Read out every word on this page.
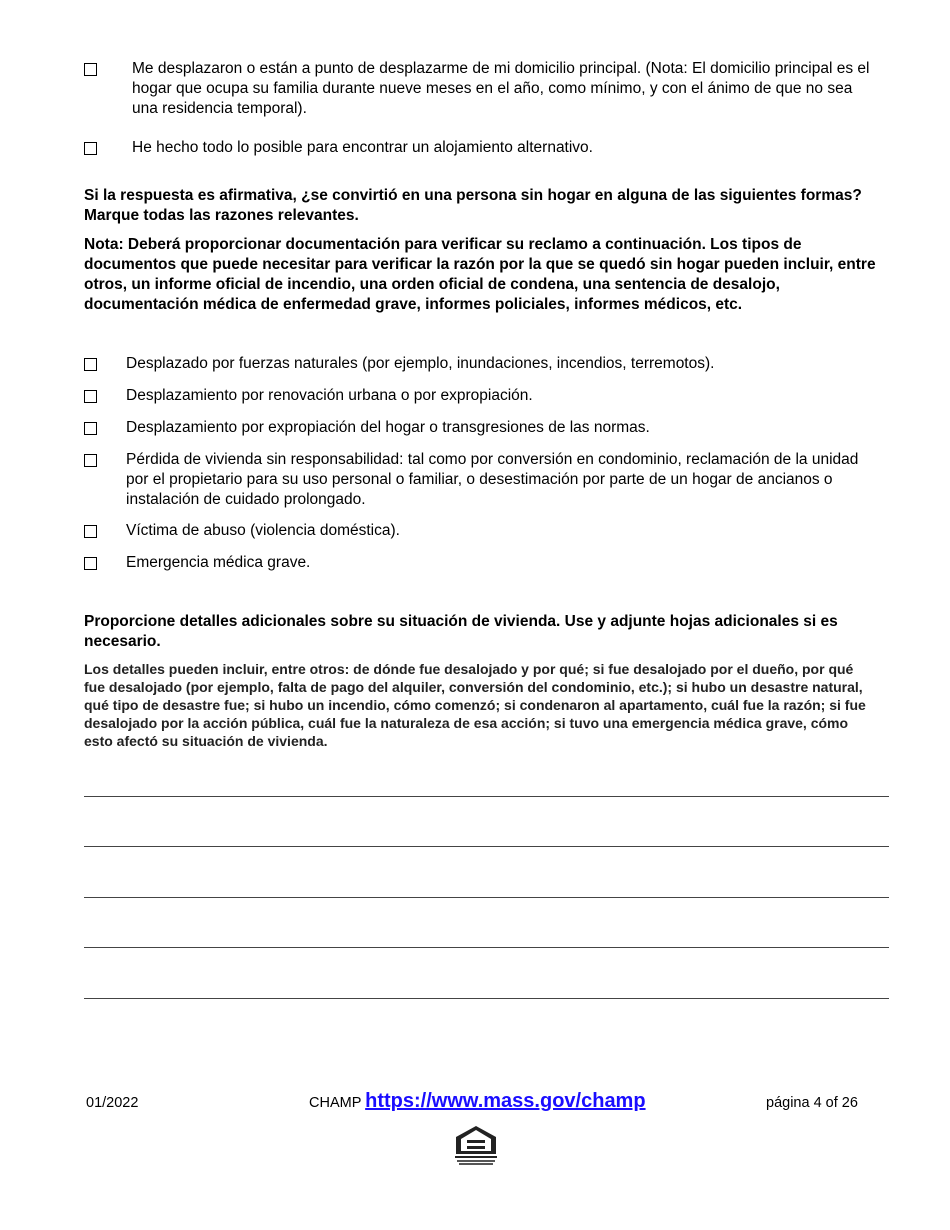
Me desplazaron o están a punto de desplazarme de mi domicilio principal. (Nota: El domicilio principal es el hogar que ocupa su familia durante nueve meses en el año, como mínimo, y con el ánimo de que no sea una residencia temporal).
He hecho todo lo posible para encontrar un alojamiento alternativo.
Si la respuesta es afirmativa, ¿se convirtió en una persona sin hogar en alguna de las siguientes formas?Marque todas las razones relevantes.
Nota: Deberá proporcionar documentación para verificar su reclamo a continuación. Los tipos de documentos que puede necesitar para verificar la razón por la que se quedó sin hogar pueden incluir, entre otros, un informe oficial de incendio, una orden oficial de condena, una sentencia de desalojo, documentación médica de enfermedad grave, informes policiales, informes médicos, etc.
Desplazado por fuerzas naturales (por ejemplo, inundaciones, incendios, terremotos).
Desplazamiento por renovación urbana o por expropiación.
Desplazamiento por expropiación del hogar o transgresiones de las normas.
Pérdida de vivienda sin responsabilidad: tal como por conversión en condominio, reclamación de la unidad por el propietario para su uso personal o familiar, o desestimación por parte de un hogar de ancianos o instalación de cuidado prolongado.
Víctima de abuso (violencia doméstica).
Emergencia médica grave.
Proporcione detalles adicionales sobre su situación de vivienda. Use y adjunte hojas adicionales si es necesario.
Los detalles pueden incluir, entre otros: de dónde fue desalojado y por qué; si fue desalojado por el dueño, por qué fue desalojado (por ejemplo, falta de pago del alquiler, conversión del condominio, etc.); si hubo un desastre natural, qué tipo de desastre fue; si hubo un incendio, cómo comenzó; si condenaron al apartamento, cuál fue la razón; si fue desalojado por la acción pública, cuál fue la naturaleza de esa acción; si tuvo una emergencia médica grave, cómo esto afectó su situación de vivienda.
01/2022	CHAMP https://www.mass.gov/champ	página 4 of 26
